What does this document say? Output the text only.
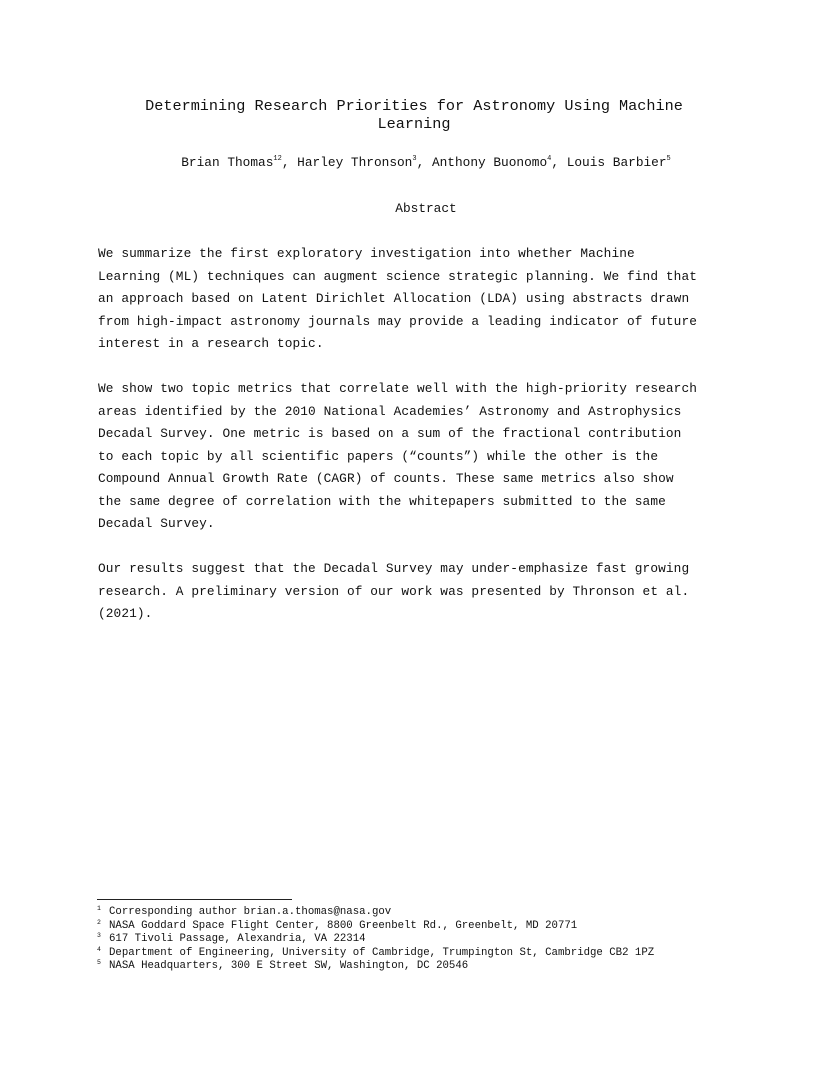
Determining Research Priorities for Astronomy Using Machine Learning
Brian Thomas$^{12}$, Harley Thronson$^3$, Anthony Buonomo$^4$, Louis Barbier$^5$
Abstract

We summarize the first exploratory investigation into whether Machine
Learning (ML) techniques can augment science strategic planning. We find that
an approach based on Latent Dirichlet Allocation (LDA) using abstracts drawn
from high-impact astronomy journals may provide a leading indicator of future
interest in a research topic.

We show two topic metrics that correlate well with the high-priority research
areas identified by the 2010 National Academies’ Astronomy and Astrophysics
Decadal Survey. One metric is based on a sum of the fractional contribution
to each topic by all scientific papers (“counts”) while the other is the
Compound Annual Growth Rate (CAGR) of counts. These same metrics also show
the same degree of correlation with the whitepapers submitted to the same
Decadal Survey.

Our results suggest that the Decadal Survey may under-emphasize fast growing
research. A preliminary version of our work was presented by Thronson et al.
(2021).

1 Corresponding author brian.a.thomas@nasa.gov
2 NASA Goddard Space Flight Center, 8800 Greenbelt Rd., Greenbelt, MD 20771
3 617 Tivoli Passage, Alexandria, VA 22314
4 Department of Engineering, University of Cambridge, Trumpington St, Cambridge CB2 1PZ
5 NASA Headquarters, 300 E Street SW, Washington, DC 20546
